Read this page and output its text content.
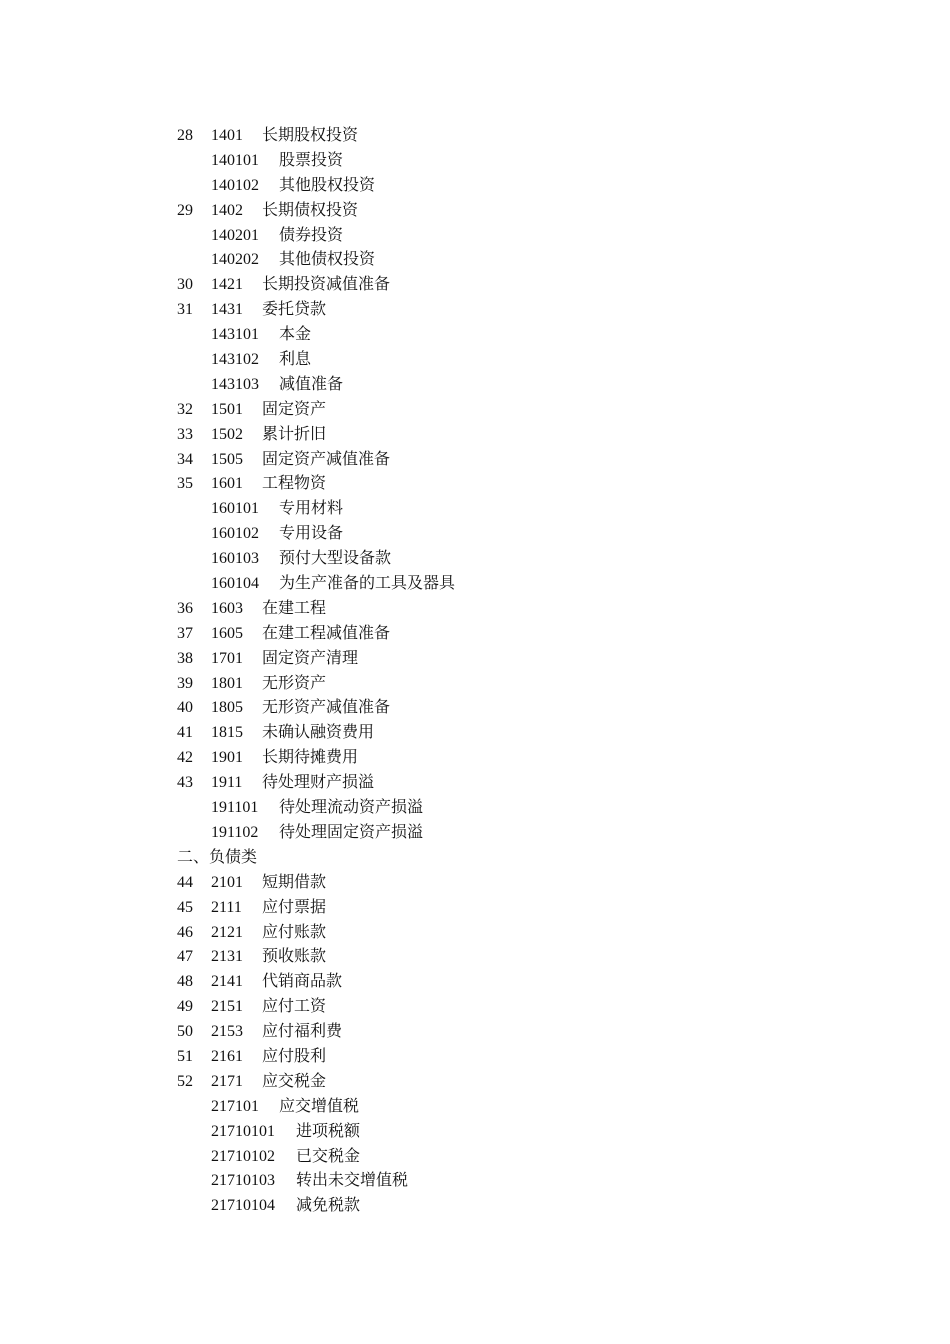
28 1401 长期股权投资
140101 股票投资
140102 其他股权投资
29 1402 长期债权投资
140201 债券投资
140202 其他债权投资
30 1421 长期投资减值准备
31 1431 委托贷款
143101 本金
143102 利息
143103 减值准备
32 1501 固定资产
33 1502 累计折旧
34 1505 固定资产减值准备
35 1601 工程物资
160101 专用材料
160102 专用设备
160103 预付大型设备款
160104 为生产准备的工具及器具
36 1603 在建工程
37 1605 在建工程减值准备
38 1701 固定资产清理
39 1801 无形资产
40 1805 无形资产减值准备
41 1815 未确认融资费用
42 1901 长期待摊费用
43 1911 待处理财产损溢
191101 待处理流动资产损溢
191102 待处理固定资产损溢
二、负债类
44 2101 短期借款
45 2111 应付票据
46 2121 应付账款
47 2131 预收账款
48 2141 代销商品款
49 2151 应付工资
50 2153 应付福利费
51 2161 应付股利
52 2171 应交税金
217101 应交增值税
21710101 进项税额
21710102 已交税金
21710103 转出未交增值税
21710104 减免税款
